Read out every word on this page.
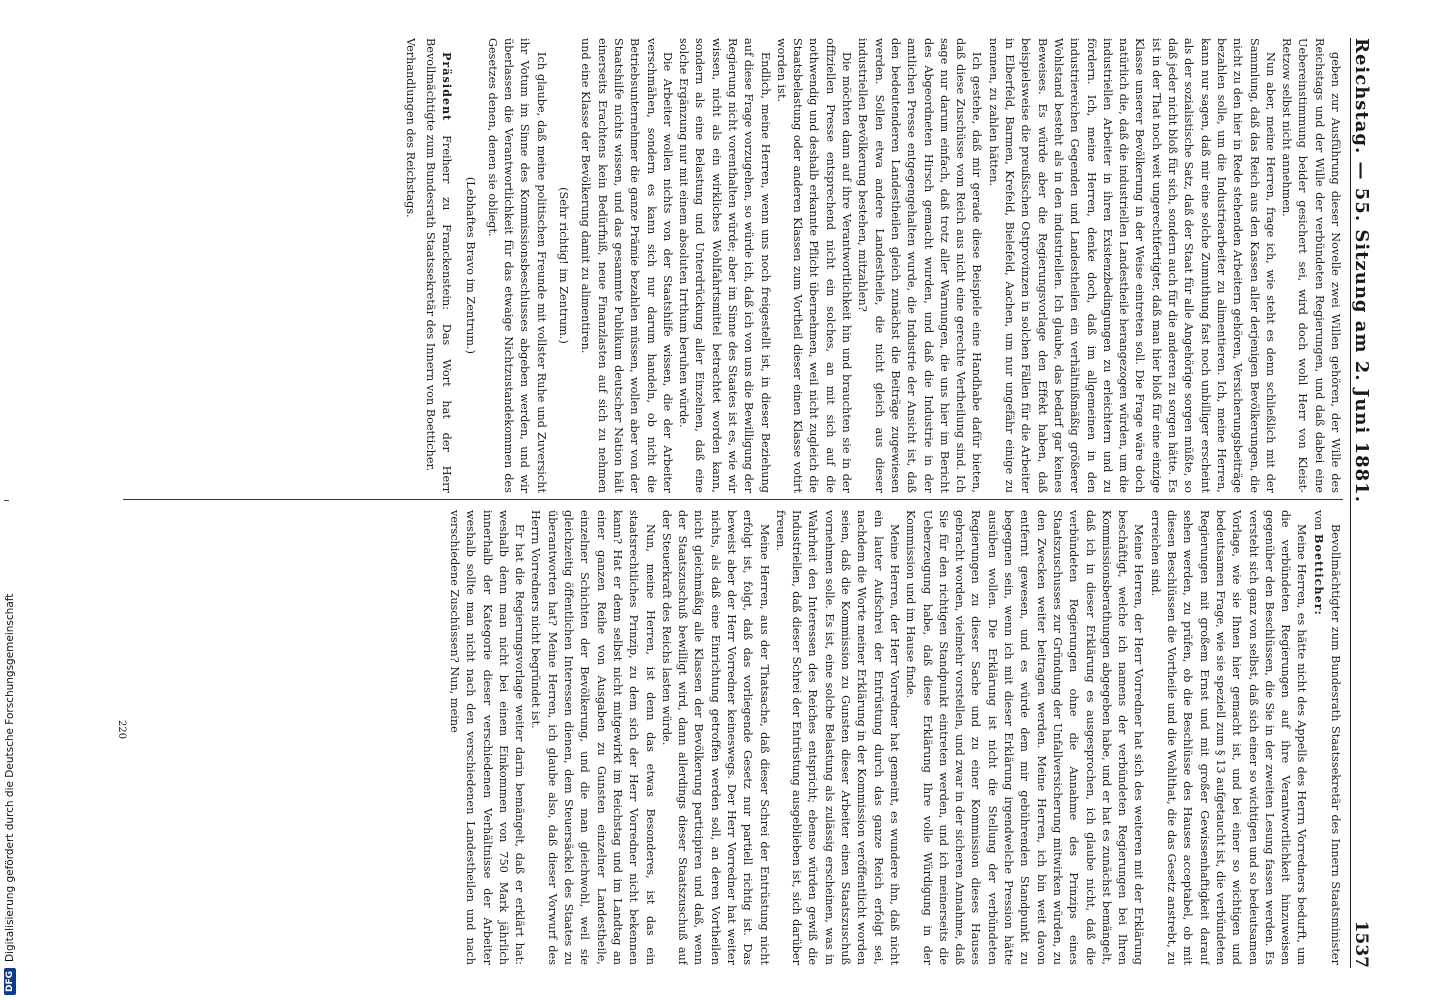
Reichstag. — 55. Sitzung am 2. Juni 1881.
1537

geben zur Ausführung dieser Novelle zwei Willen gehören, der Wille des Reichstags und der Wille der verbündeten Regierungen, und daß dabei eine Uebereinstimmung beider gesichert sei, wird doch wohl Herr von Kleist-Retzow selbst nicht annehmen.

Nun aber, meine Herren, frage ich, wie steht es denn schließlich mit der Sammlung, daß das Reich aus den Kassen aller derjenigen Bevölkerungen, die nicht zu den hier in Rede stehenden Arbeitern gehören, Versicherungsbeiträge bezahlen solle, um die Industriearbeiter zu alimentieren. Ich, meine Herren, kann nur sagen, daß mir eine solche Zumuthung fast noch unbilliger erscheint als der sozialistische Satz, daß der Staat für alle Angehörige sorgen müßte, so daß jeder nicht bloß für sich, sondern auch für die anderen zu sorgen hätte. Es ist in der That noch weit ungerechtfertigter, daß man hier bloß für eine einzige Klasse unserer Bevölkerung in der Weise eintreten soll. Die Frage wäre doch natürlich die, daß die industriellen Landestheile herangezogen würden, um die industriellen Arbeiter in ihren Existenzbedingungen zu erleichtern und zu fördern. Ich, meine Herren, denke doch, daß im allgemeinen in den industriereichen Gegenden und Landestheilen ein verhältnißmäßig größerer Wohlstand besteht als in den industriellen. Ich glaube, das bedarf gar keines Beweises. Es würde aber die Regierungsvorlage den Effekt haben, daß beispielsweise die preußischen Ostprovinzen in solchen Fällen für die Arbeiter in Elberfeld, Barmen, Krefeld, Bielefeld, Aachen, um nur ungefähr einige zu nennen, zu zahlen hätten.

Ich gestehe, daß mir gerade diese Beispiele eine Handhabe dafür bieten, daß diese Zuschüsse vom Reich aus nicht eine gerechte Vertheilung sind. Ich sage nur darum einfach, daß trotz aller Warnungen, die uns hier im Bericht des Abgeordneten Hirsch gemacht wurden, und daß die Industrie in der amtlichen Presse entgegengehalten wurde, die Industrie der Ansicht ist, daß den bedeutenderen Landestheilen gleich zunächst die Beiträge zugewiesen werden. Sollen etwa andere Landestheile, die nicht gleich aus dieser industriellen Bevölkerung bestehen, mitzahlen?

Die möchten dann auf ihre Verantwortlichkeit hin und brauchten sie in der offiziellen Presse entsprechend nicht ein solches, an mit sich auf die nothwendig und deshalb erkannte Pflicht übernehmen, weil nicht zugleich die Staatsbelastung oder anderen Klassen zum Vortheil dieser einen Klasse votirt worden ist.

Endlich, meine Herren, wenn uns noch freigestellt ist, in dieser Beziehung auf diese Frage vorzugehen, so würde ich, daß ich von uns die Bewilligung der Regierung nicht vorenthalten würde; aber im Sinne des Staates ist es, wie wir wissen, nicht als ein wirkliches Wohlfahrtsmittel betrachtet worden kann, sondern als eine Belastung und Unterdrückung aller Einzelnen, daß eine solche Ergänzung nur mit einem absoluten Irrthum beruhen würde.

Die Arbeiter wollen nichts von der Staatshilfe wissen, die der Arbeiter verschmähen, sondern es kann sich nur darum handeln, ob nicht die Betriebsunternehmer die ganze Prämie bezahlen müssen, wollen aber von der Staatshilfe nichts wissen, und das gesammte Publikum deutscher Nation hält einerseits Erachtens kein Bedürfniß, neue Finanzlasten auf sich zu nehmen und eine Klasse der Bevölkerung damit zu alimentiren.

(Sehr richtig! im Zentrum.)

Ich glaube, daß meine politischen Freunde mit vollster Ruhe und Zuversicht ihr Votum im Sinne des Kommissionsbeschlusses abgeben werden, und wir überlassen die Verantwortlichkeit für das etwaige Nichtzustandekommen des Gesetzes denen, denen sie obliegt.

(Lebhaftes Bravo im Zentrum.)

Präsident Freiherr zu Franckenstein: Das Wort hat der Herr Bevollmächtigte zum Bundesrath Staatssekretär des Innern von Boetticher.

Verhandlungen des Reichstags.

Bevollmächtigter zum Bundesrath Staatssekretär des Innern Staatsminister von Boetticher:

Meine Herren, es hätte nicht des Appells des Herrn Vorredners bedurft, um die verbündeten Regierungen auf ihre Verantwortlichkeit hinzuweisen gegenüber den Beschlüssen, die Sie in der zweiten Lesung fassen werden. Es versteht sich ganz von selbst, daß sich einer so wichtigen und so bedeutsamen Vorlage, wie sie Ihnen hier gemacht ist, und bei einer so wichtigen und bedeutsamen Frage, wie sie speziell zum § 13 aufgetaucht ist, die verbündeten Regierungen mit großem Ernst und mit großer Gewissenhaftigkeit darauf sehen werden, zu prüfen, ob die Beschlüsse des Hauses acceptabel, ob mit diesen Beschlüssen die Vortheile und die Wohlthat, die das Gesetz anstrebt, zu erreichen sind.

Meine Herren, der Herr Vorredner hat sich des weiteren mit der Erklärung beschäftigt, welche ich namens der verbündeten Regierungen bei Ihren Kommissionsberathungen abgegeben habe, und er hat es zunächst bemängelt, daß ich in dieser Erklärung es ausgesprochen, ich glaube nicht, daß die verbündeten Regierungen ohne die Annahme des Prinzips eines Staatszuschusses zur Gründung der Unfallversicherung mitwirken würden, zu den Zwecken weiter beitragen werden. Meine Herren, ich bin weit davon entfernt gewesen, und es würde dem mir gebührenden Standpunkt zu begegnen sein, wenn ich mit dieser Erklärung irgendwelche Pression hätte ausüben wollen. Die Erklärung ist nicht die Stellung der verbündeten Regierungen zu dieser Sache und zu einer Kommission dieses Hauses gebracht worden, vielmehr vorstellen, und zwar in der sicheren Annahme, daß Sie für den richtigen Standpunkt eintreten werden, und ich meinerseits die Ueberzeugung habe, daß diese Erklärung Ihre volle Würdigung in der Kommission und im Hause finde.

Meine Herren, der Herr Vorredner hat gemeint, es wundere ihn, daß nicht ein lauter Aufschrei der Entrüstung durch das ganze Reich erfolgt sei, nachdem die Worte meiner Erklärung in der Kommission veröffentlicht worden seien, daß die Kommission zu Gunsten dieser Arbeiter einen Staatszuschuß vornehmen solle. Es ist, eine solche Belastung als zulässig erscheinen, was in Wahrheit den Interessen des Reiches entspricht; ebenso würden gewiß die Industriellen, daß dieser Schrei der Entrüstung ausgeblieben ist, sich darüber freuen.

Meine Herren, aus der Thatsache, daß dieser Schrei der Entrüstung nicht erfolgt ist, folgt, daß das vorliegende Gesetz nur partiell richtig ist. Das beweist aber der Herr Vorredner keineswegs. Der Herr Vorredner hat weiter nichts, als daß eine Einrichtung getroffen werden soll, an deren Vortheilen nicht gleichmäßig alle Klassen der Bevölkerung participiren und daß, wenn der Staatszuschuß bewilligt wird, dann allerdings dieser Staatszuschuß auf der Steuerkraft des Reichs lasten würde.

Nun, meine Herren, ist denn das etwas Besonderes, ist das ein staatsrechtliches Prinzip, zu dem sich der Herr Vorredner nicht bekennen kann? Hat er denn selbst nicht mitgewirkt im Reichstag und im Landtag an einer ganzen Reihe von Ausgaben zu Gunsten einzelner Landestheile, einzelner Schichten der Bevölkerung, und die man gleichwohl, weil sie gleichzeitig öffentlichen Interessen dienen, dem Steuersäckel des Staates zu überantworten hat? Meine Herren, ich glaube also, daß dieser Vorwurf des Herrn Vorredners nicht begründet ist.

Er hat die Regierungsvorlage weiter darin bemängelt, daß er erklärt hat: weshalb denn man nicht bei einem Einkommen von 750 Mark jährlich innerhalb der Kategorie dieser verschiedenen Verhältnisse der Arbeiter weshalb sollte man nicht nach den verschiedenen Landestheilen und nach verschiedene Zuschüssen? Nun, meine

220
DFG
Digitalisierung gefördert durch die Deutsche Forschungsgemeinschaft
